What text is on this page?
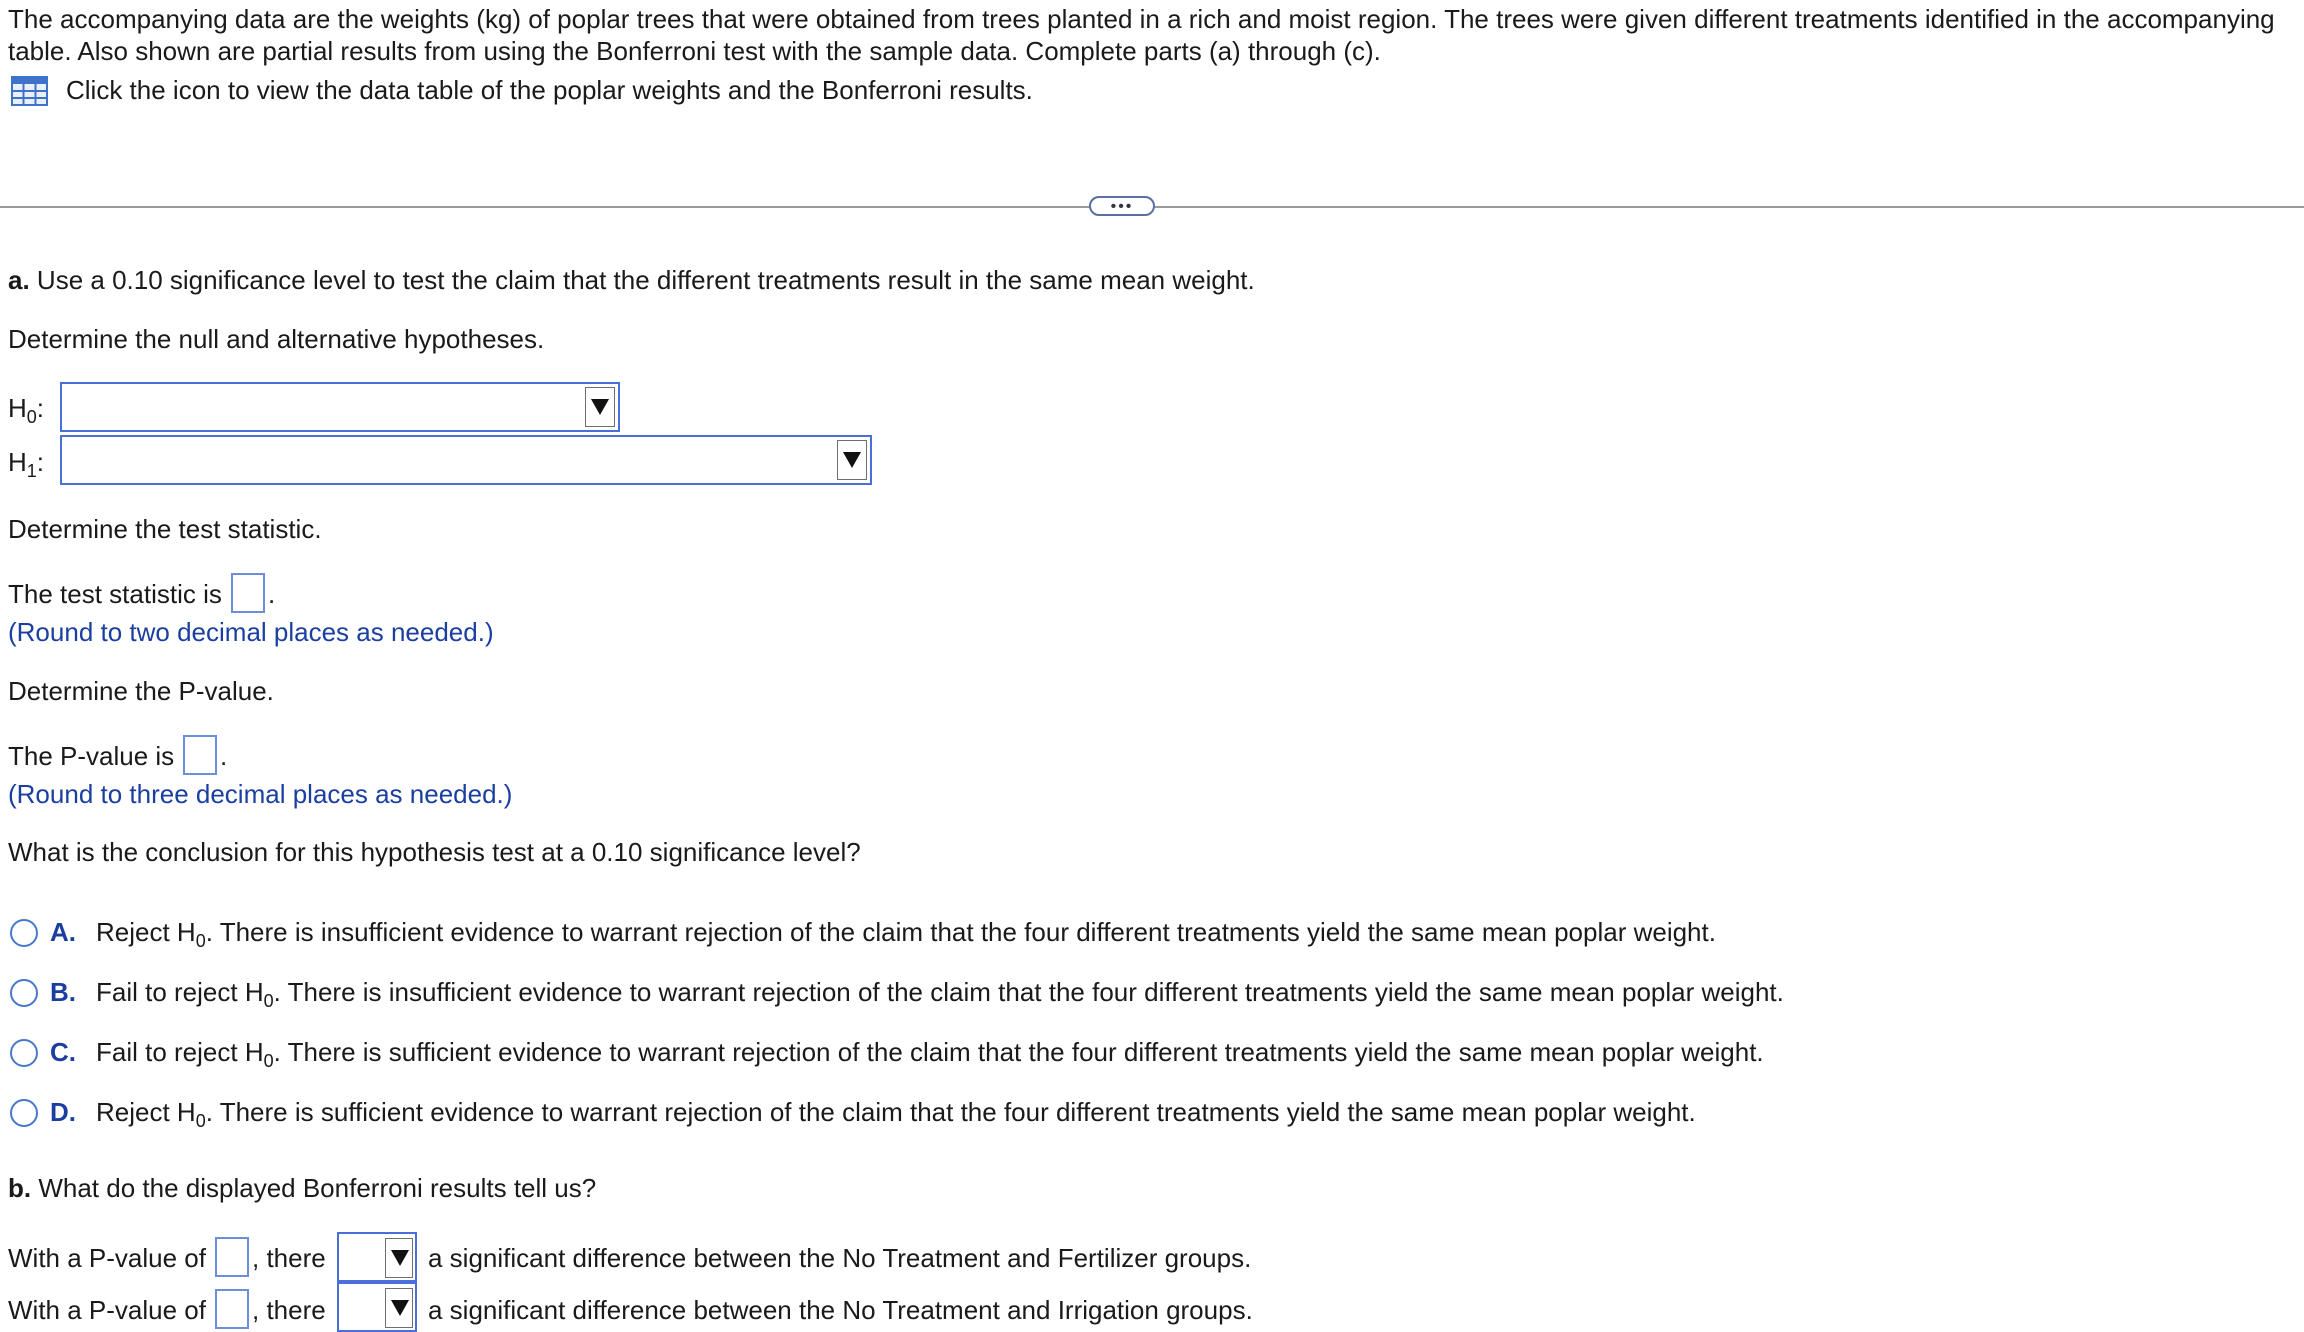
The accompanying data are the weights (kg) of poplar trees that were obtained from trees planted in a rich and moist region. The trees were given different treatments identified in the accompanying table. Also shown are partial results from using the Bonferroni test with the sample data. Complete parts (a) through (c).
Click the icon to view the data table of the poplar weights and the Bonferroni results.
•••
a. Use a 0.10 significance level to test the claim that the different treatments result in the same mean weight.
Determine the null and alternative hypotheses.
$H_0$:
$H_1$:
Determine the test statistic.
The test statistic is .
(Round to two decimal places as needed.)
Determine the P-value.
The P-value is .
(Round to three decimal places as needed.)
What is the conclusion for this hypothesis test at a 0.10 significance level?
A. Reject $H_0$. There is insufficient evidence to warrant rejection of the claim that the four different treatments yield the same mean poplar weight.
B. Fail to reject $H_0$. There is insufficient evidence to warrant rejection of the claim that the four different treatments yield the same mean poplar weight.
C. Fail to reject $H_0$. There is sufficient evidence to warrant rejection of the claim that the four different treatments yield the same mean poplar weight.
D. Reject $H_0$. There is sufficient evidence to warrant rejection of the claim that the four different treatments yield the same mean poplar weight.
b. What do the displayed Bonferroni results tell us?
With a P-value of , there	a significant difference between the No Treatment and Fertilizer groups.
With a P-value of , there	a significant difference between the No Treatment and Irrigation groups.
